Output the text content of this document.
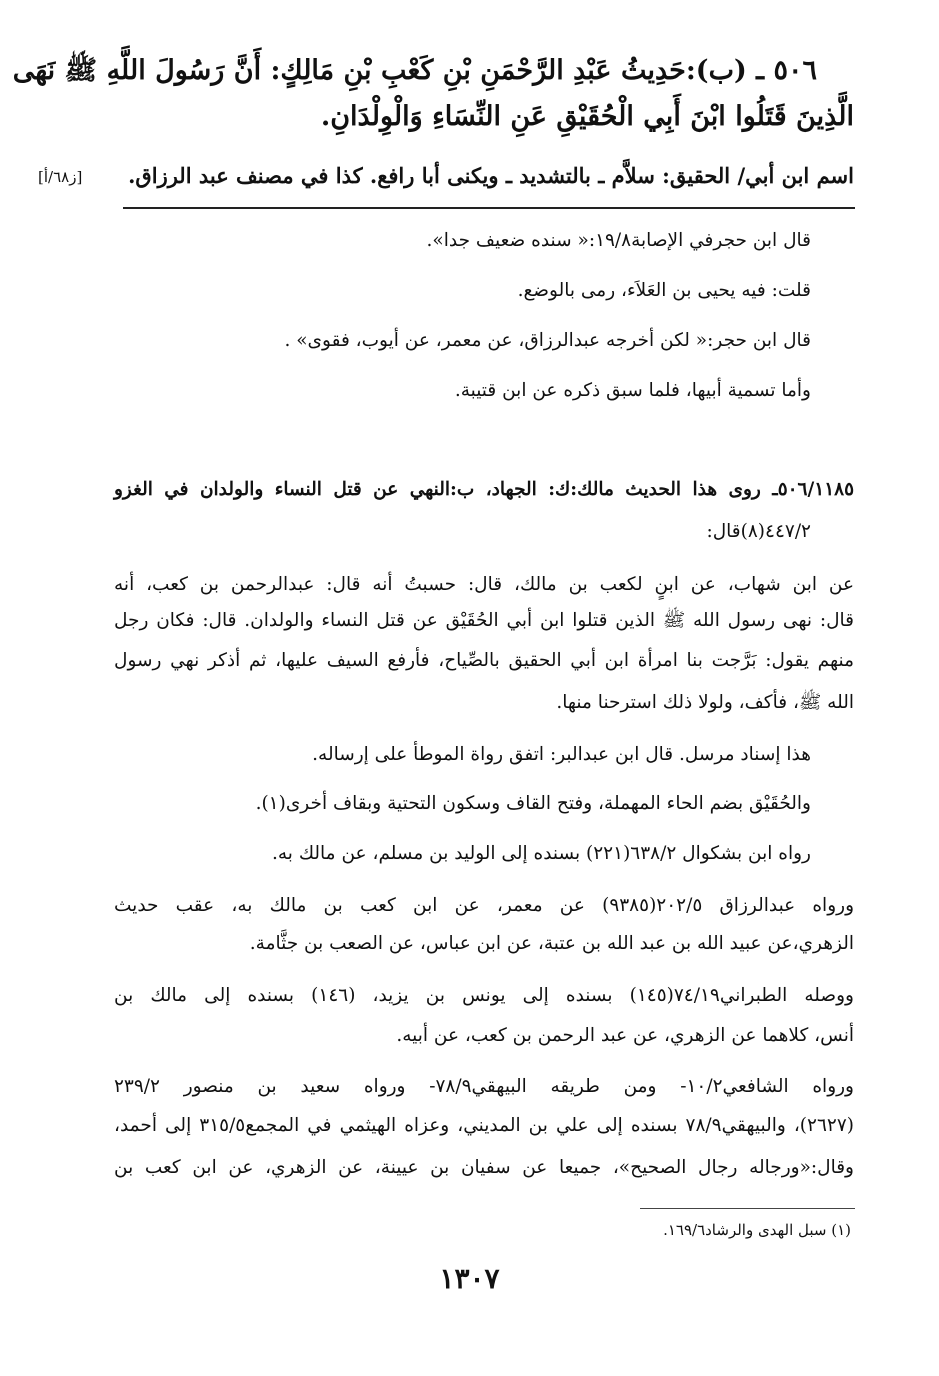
٥٠٦ ـ (ب):حَدِيثُ عَبْدِ الرَّحْمَنِ بْنِ كَعْبِ بْنِ مَالِكٍ: أَنَّ رَسُولَ اللَّهِ ﷺ نَهَى
الَّذِينَ قَتَلُوا ابْنَ أَبِي الْحُقَيْقِ عَنِ النِّسَاءِ وَالْوِلْدَانِ.
اسم ابن أبي/ الحقيق: سلاَّم ـ بالتشديد ـ ويكنى أبا رافع. كذا في مصنف عبد الرزاق.
[ز٦٨/أ]
قال ابن حجرفي الإصابة١٩/٨:« سنده ضعيف جدا».
قلت: فيه يحيى بن العَلاَء، رمى بالوضع.
قال ابن حجر:« لكن أخرجه عبدالرزاق، عن معمر، عن أيوب، فقوى» .
وأما تسمية أبيها، فلما سبق ذكره عن ابن قتيبة.
٥٠٦/١١٨٥ـ روى هذا الحديث مالك:ك: الجهاد، ب:النهي عن قتل النساء والولدان في الغزو
٤٤٧/٢(٨)قال:
عن ابن شهاب، عن ابنٍ لكعب بن مالك، قال: حسبتُ أنه قال: عبدالرحمن بن كعب، أنه
قال: نهى رسول الله ﷺ الذين قتلوا ابن أبي الحُقَيْق عن قتل النساء والولدان. قال: فكان رجل
منهم يقول: بَرَّجت بنا امرأة ابن أبي الحقيق بالصِّياح، فأرفع السيف عليها، ثم أذكر نهي رسول
الله ﷺ، فأكف، ولولا ذلك استرحنا منها.
هذا إسناد مرسل. قال ابن عبدالبر: اتفق رواة الموطأ على إرساله.
والحُقَيْق بضم الحاء المهملة، وفتح القاف وسكون التحتية وبقاف أخرى(١).
رواه ابن بشكوال ٦٣٨/٢(٢٢١) بسنده إلى الوليد بن مسلم، عن مالك به.
ورواه عبدالرزاق ٢٠٢/٥(٩٣٨٥) عن معمر، عن ابن كعب بن مالك به، عقب حديث
الزهري،عن عبيد الله بن عبد الله بن عتبة، عن ابن عباس، عن الصعب بن جثَّامة.
ووصله الطبراني٧٤/١٩(١٤٥) بسنده إلى يونس بن يزيد، (١٤٦) بسنده إلى مالك بن
أنس، كلاهما عن الزهري، عن عبد الرحمن بن كعب، عن أبيه.
ورواه الشافعي١٠/٢- ومن طريقه البيهقي٧٨/٩- ورواه سعيد بن منصور ٢٣٩/٢
(٢٦٢٧)، والبيهقي٧٨/٩ بسنده إلى علي بن المديني، وعزاه الهيثمي في المجمع٣١٥/٥ إلى أحمد،
وقال:«ورجاله رجال الصحيح»، جميعا عن سفيان بن عيينة، عن الزهري، عن ابن كعب بن
(١) سبل الهدى والرشاد١٦٩/٦.
١٣٠٧
